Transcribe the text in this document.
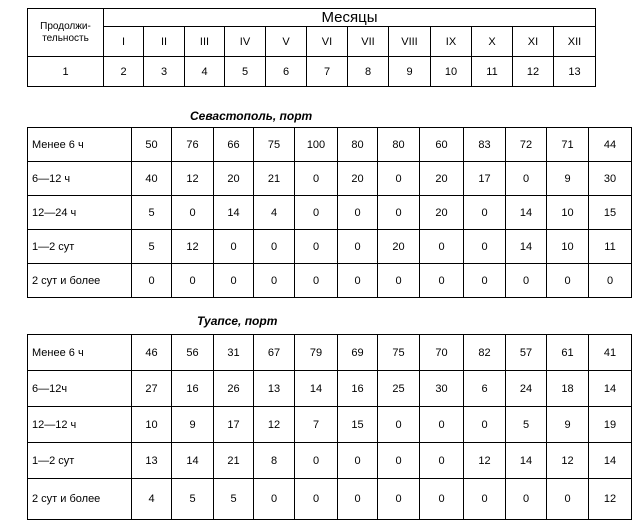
Продолжи-тельность	Месяцы											
	I	II	III	IV	V	VI	VII	VIII	IX	X	XI	XII
1	2	3	4	5	6	7	8	9	10	11	12	13
Севастополь, порт
Менее 6 ч	50	76	66	75	100	80	80	60	83	72	71	44
6—12 ч	40	12	20	21	0	20	0	20	17	0	9	30
12—24 ч	5	0	14	4	0	0	0	20	0	14	10	15
1—2 сут	5	12	0	0	0	0	20	0	0	14	10	11
2 сут и более	0	0	0	0	0	0	0	0	0	0	0	0
Туапсе, порт
Менее 6 ч	46	56	31	67	79	69	75	70	82	57	61	41
6—12ч	27	16	26	13	14	16	25	30	6	24	18	14
12—12 ч	10	9	17	12	7	15	0	0	0	5	9	19
1—2 сут	13	14	21	8	0	0	0	0	12	14	12	14
2 сут и более	4	5	5	0	0	0	0	0	0	0	0	12
